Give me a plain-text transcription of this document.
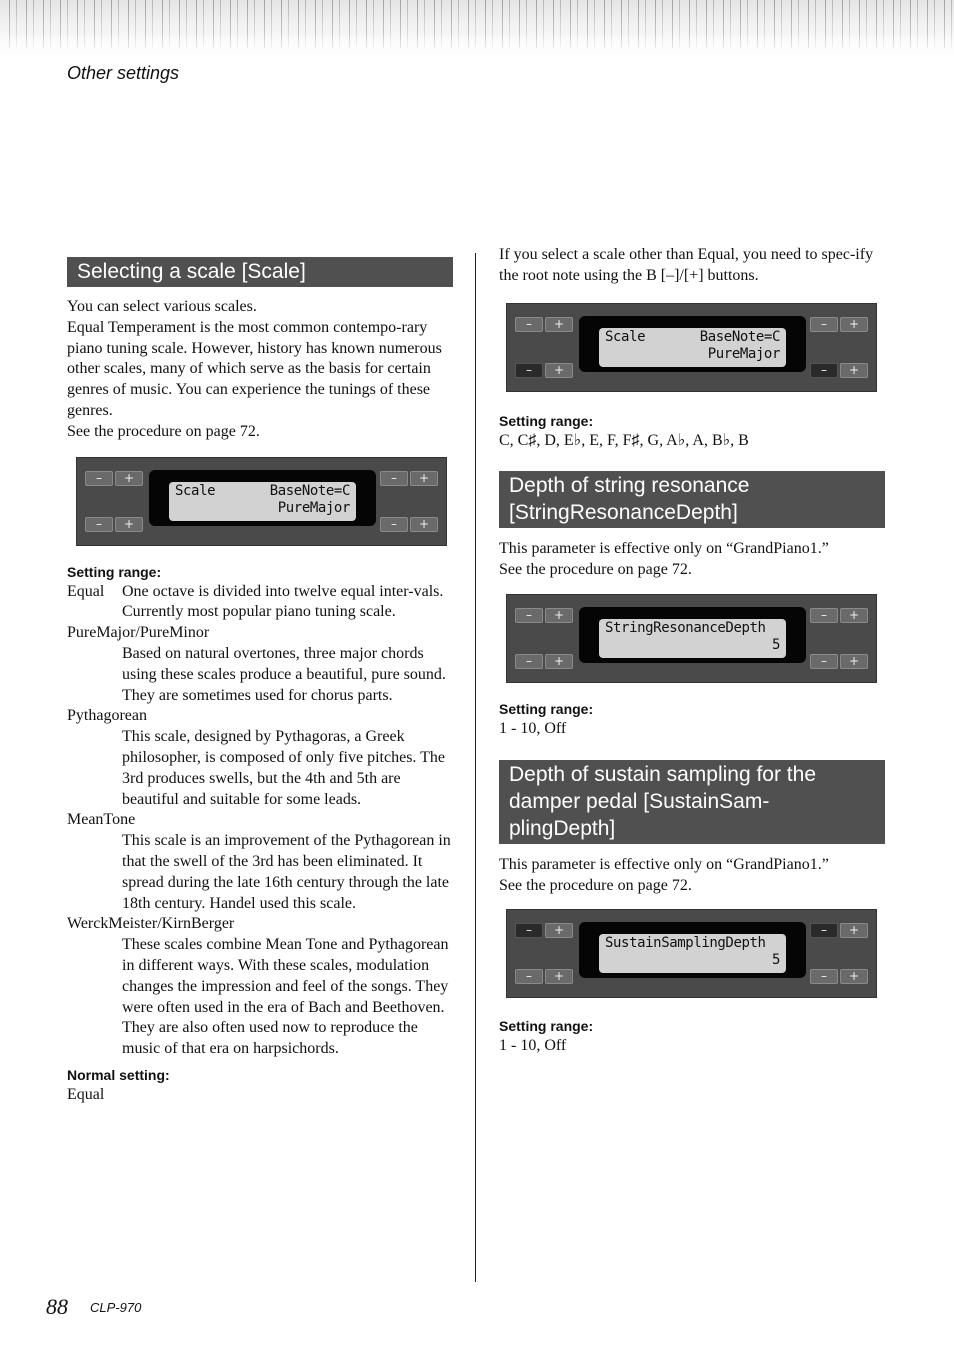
Other settings
Selecting a scale [Scale]

You can select various scales.

Equal Temperament is the most common contempo-rary piano tuning scale. However, history has known numerous other scales, many of which serve as the basis for certain genres of music. You can experience the tunings of these genres.

See the procedure on page 72.

–	+
–	+
Scale	BaseNote=C
PureMajor
–	+
–	+
Setting range:
Equal	One octave is divided into twelve equal inter-vals. Currently most popular piano tuning scale.
PureMajor/PureMinor
Based on natural overtones, three major chords using these scales produce a beautiful, pure sound. They are sometimes used for chorus parts.
Pythagorean
This scale, designed by Pythagoras, a Greek philosopher, is composed of only five pitches. The 3rd produces swells, but the 4th and 5th are beautiful and suitable for some leads.
MeanTone
This scale is an improvement of the Pythagorean in that the swell of the 3rd has been eliminated. It spread during the late 16th century through the late 18th century. Handel used this scale.
WerckMeister/KirnBerger
These scales combine Mean Tone and Pythagorean in different ways. With these scales, modulation changes the impression and feel of the songs. They were often used in the era of Bach and Beethoven. They are also often used now to reproduce the music of that era on harpsichords.
Normal setting:
Equal

If you select a scale other than Equal, you need to spec-ify the root note using the B [–]/[+] buttons.

–	+
–	+
Scale	BaseNote=C
PureMajor
–	+
–	+
Setting range:
C, C♯, D, E♭, E, F, F♯, G, A♭, A, B♭, B
Depth of string resonance [StringResonanceDepth]

This parameter is effective only on “GrandPiano1.”

See the procedure on page 72.

–	+
–	+
StringResonanceDepth
5
–	+
–	+
Setting range:
1 - 10, Off
Depth of sustain sampling for the damper pedal [SustainSam-plingDepth]

This parameter is effective only on “GrandPiano1.”

See the procedure on page 72.

–	+
–	+
SustainSamplingDepth
5
–	+
–	+
Setting range:
1 - 10, Off
88 CLP-970
